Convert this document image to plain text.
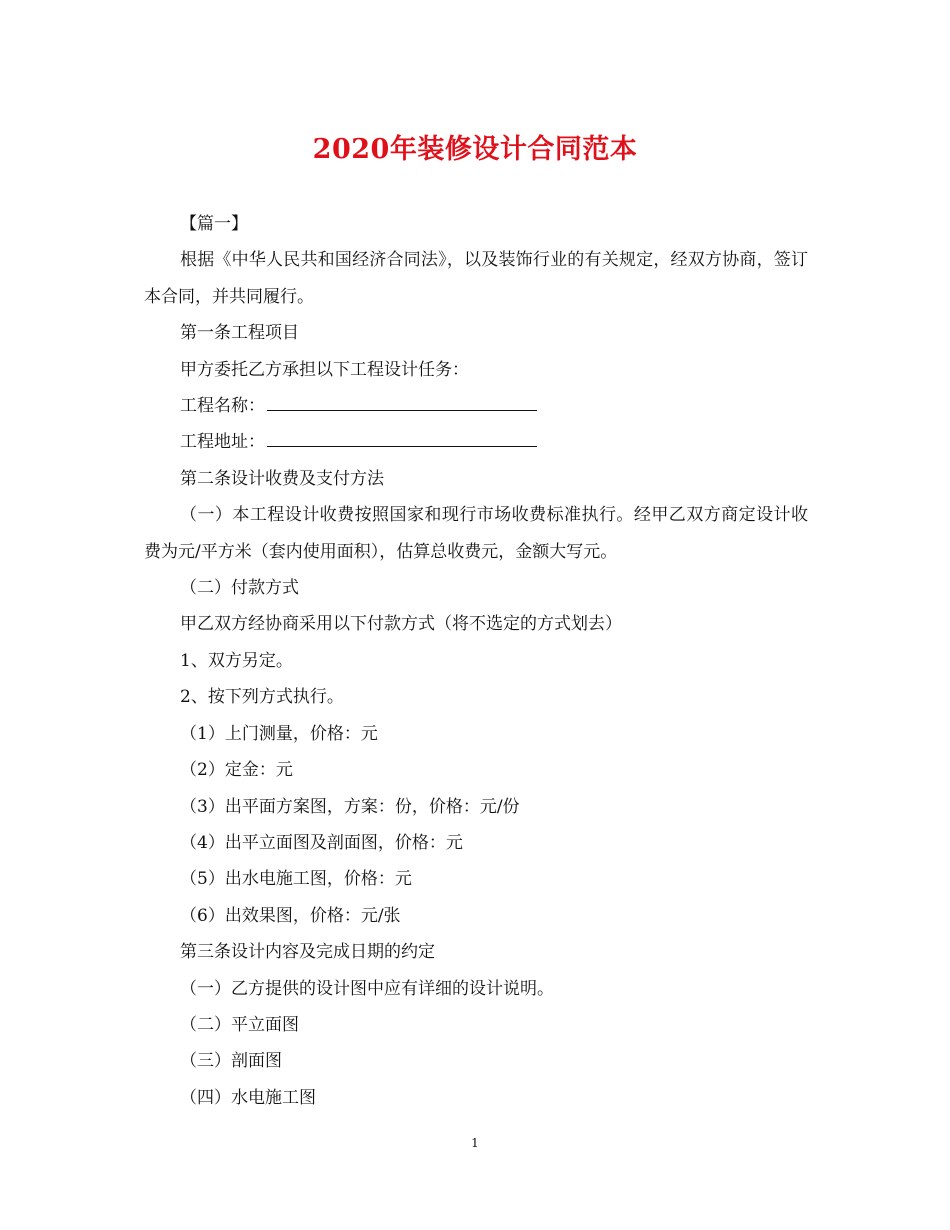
2020年装修设计合同范本

【篇一】

根据《中华人民共和国经济合同法》，以及装饰行业的有关规定，经双方协商，签订本合同，并共同履行。

第一条工程项目

甲方委托乙方承担以下工程设计任务：

工程名称：

工程地址：

第二条设计收费及支付方法

（一）本工程设计收费按照国家和现行市场收费标准执行。经甲乙双方商定设计收费为元/平方米（套内使用面积），估算总收费元，金额大写元。

（二）付款方式

甲乙双方经协商采用以下付款方式（将不选定的方式划去）

1、双方另定。

2、按下列方式执行。

（1）上门测量，价格：元

（2）定金：元

（3）出平面方案图，方案：份，价格：元/份

（4）出平立面图及剖面图，价格：元

（5）出水电施工图，价格：元

（6）出效果图，价格：元/张

第三条设计内容及完成日期的约定

（一）乙方提供的设计图中应有详细的设计说明。

（二）平立面图

（三）剖面图

（四）水电施工图

1
